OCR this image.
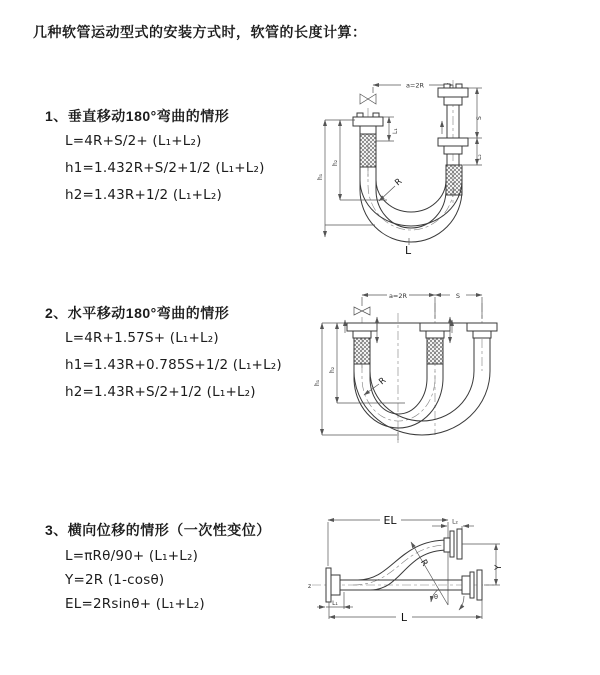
几种软管运动型式的安装方式时，软管的长度计算：
1、垂直移动180°弯曲的情形
L=4R+S/2+ (L₁+L₂)
h1=1.432R+S/2+1/2 (L₁+L₂)
h2=1.43R+1/2 (L₁+L₂)
2、水平移动180°弯曲的情形
L=4R+1.57S+ (L₁+L₂)
h1=1.43R+0.785S+1/2 (L₁+L₂)
h2=1.43R+S/2+1/2 (L₁+L₂)
3、横向位移的情形（一次性变位）
L=πRθ/90+ (L₁+L₂)
Y=2R (1-cosθ)
EL=2Rsinθ+ (L₁+L₂)
a=2R
L₁
R
L
h₁
h₂
S
L₂
a=2R	S
R
h₁
h₂
EL	L₂
R
θ
Y
L
L₁
z
